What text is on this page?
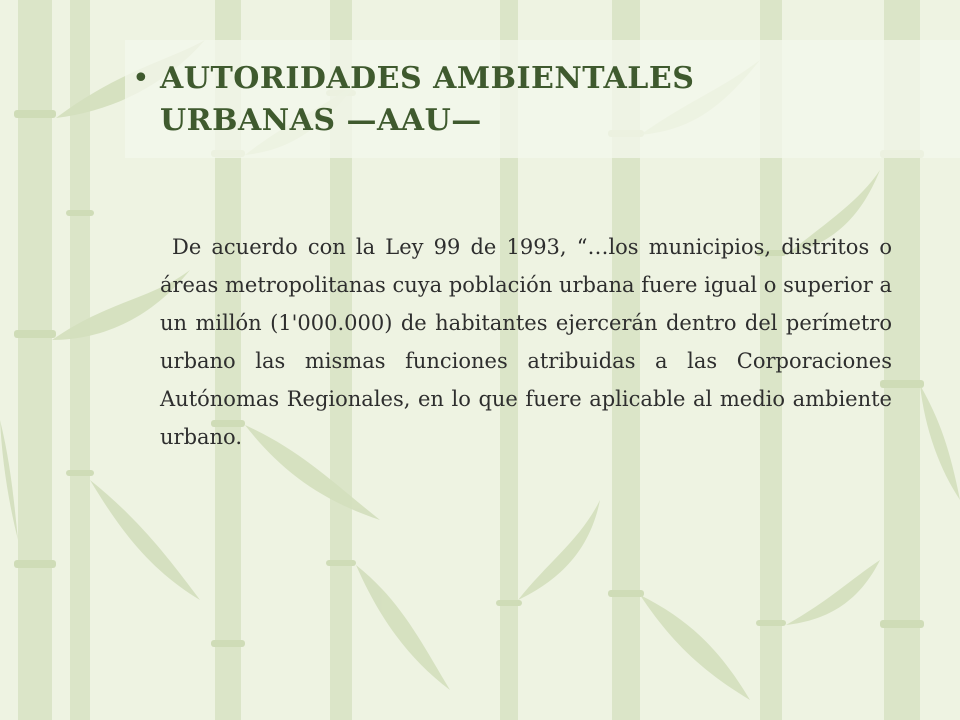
• AUTORIDADES AMBIENTALES
URBANAS —AAU—

De acuerdo con la Ley 99 de 1993, “…los municipios, distritos o áreas metropolitanas cuya población urbana fuere igual o superior a un millón (1'000.000) de habitantes ejercerán dentro del perímetro urbano las mismas funciones atribuidas a las Corporaciones Autónomas Regionales, en lo que fuere aplicable al medio ambiente urbano.
